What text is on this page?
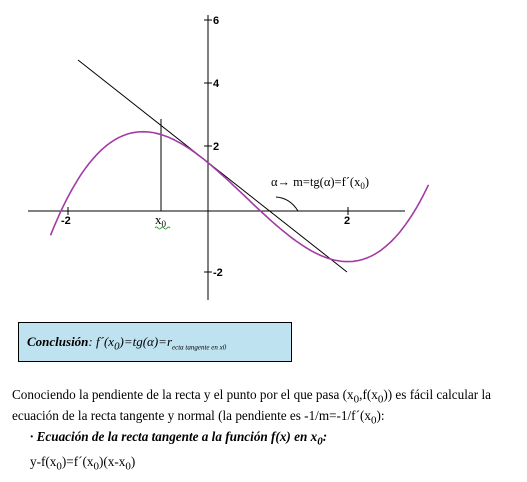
-2	2
6
4
2
-2
$x_0$
$\alpha\to m=tg(\alpha)=f´(x_0)$
Conclusión: $f´(x_0)=tg(\alpha)=r_{ecta tangente en x0}$
Conociendo la pendiente de la recta y el punto por el que pasa $(x_0,f(x_0))$ es fácil calcular la ecuación de la recta tangente y normal (la pendiente es $-1/m=-1/f´(x_0)$:
· Ecuación de la recta tangente a la función f(x) en $x_0$:
$y-f(x_0)=f´(x_0)(x-x_0)$
